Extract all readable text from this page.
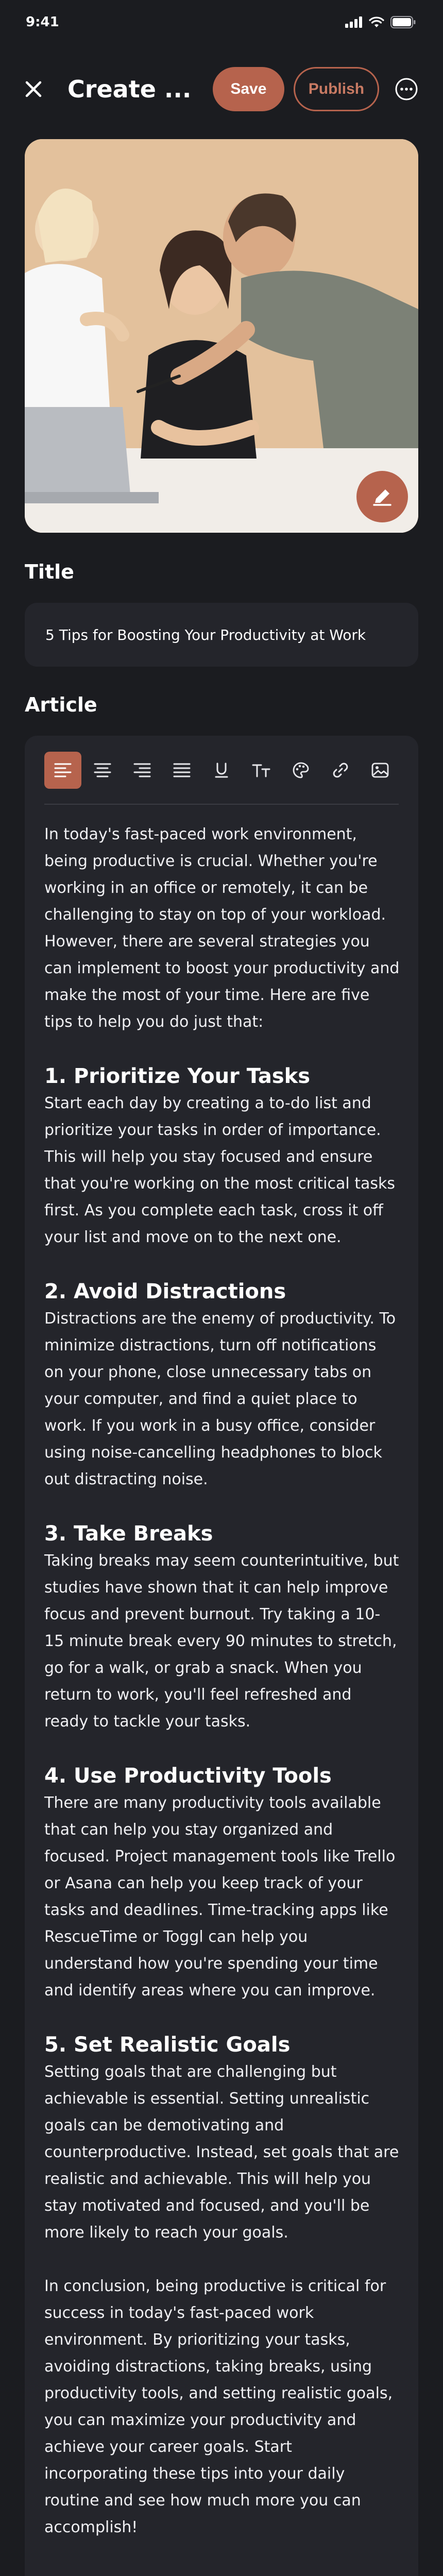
9:41
Create ...	Save	Publish
Title
5 Tips for Boosting Your Productivity at Work
Article

In today's fast-paced work environment, being productive is crucial. Whether you're working in an office or remotely, it can be challenging to stay on top of your workload. However, there are several strategies you can implement to boost your productivity and make the most of your time. Here are five tips to help you do just that:

1. Prioritize Your Tasks

Start each day by creating a to-do list and prioritize your tasks in order of importance. This will help you stay focused and ensure that you're working on the most critical tasks first. As you complete each task, cross it off your list and move on to the next one.

2. Avoid Distractions

Distractions are the enemy of productivity. To minimize distractions, turn off notifications on your phone, close unnecessary tabs on your computer, and find a quiet place to work. If you work in a busy office, consider using noise-cancelling headphones to block out distracting noise.

3. Take Breaks

Taking breaks may seem counterintuitive, but studies have shown that it can help improve focus and prevent burnout. Try taking a 10-15 minute break every 90 minutes to stretch, go for a walk, or grab a snack. When you return to work, you'll feel refreshed and ready to tackle your tasks.

4. Use Productivity Tools

There are many productivity tools available that can help you stay organized and focused. Project management tools like Trello or Asana can help you keep track of your tasks and deadlines. Time-tracking apps like RescueTime or Toggl can help you understand how you're spending your time and identify areas where you can improve.

5. Set Realistic Goals

Setting goals that are challenging but achievable is essential. Setting unrealistic goals can be demotivating and counterproductive. Instead, set goals that are realistic and achievable. This will help you stay motivated and focused, and you'll be more likely to reach your goals.

In conclusion, being productive is critical for success in today's fast-paced work environment. By prioritizing your tasks, avoiding distractions, taking breaks, using productivity tools, and setting realistic goals, you can maximize your productivity and achieve your career goals. Start incorporating these tips into your daily routine and see how much more you can accomplish!
